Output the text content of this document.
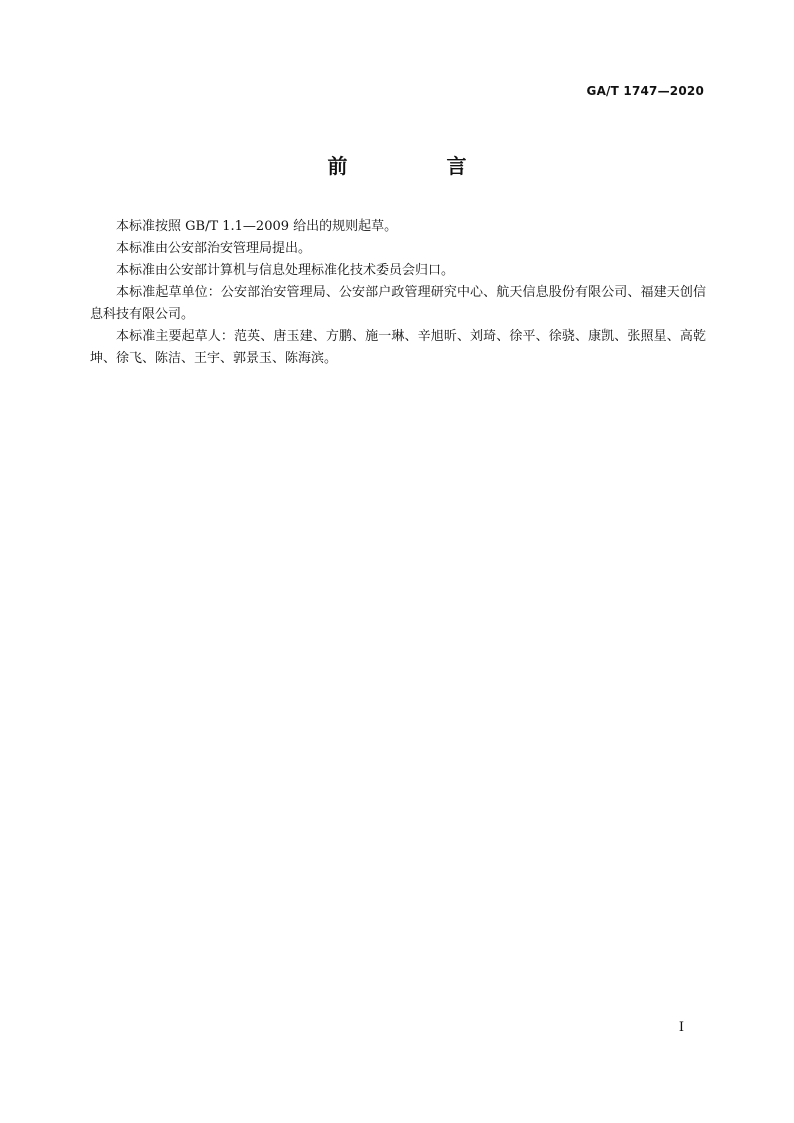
GA/T 1747—2020
前 言

本标准按照 GB/T 1.1—2009 给出的规则起草。

本标准由公安部治安管理局提出。

本标准由公安部计算机与信息处理标准化技术委员会归口。

本标准起草单位：公安部治安管理局、公安部户政管理研究中心、航天信息股份有限公司、福建天创信息科技有限公司。

本标准主要起草人：范英、唐玉建、方鹏、施一琳、辛旭昕、刘琦、徐平、徐骁、康凯、张照星、高乾坤、徐飞、陈洁、王宇、郭景玉、陈海滨。

I
